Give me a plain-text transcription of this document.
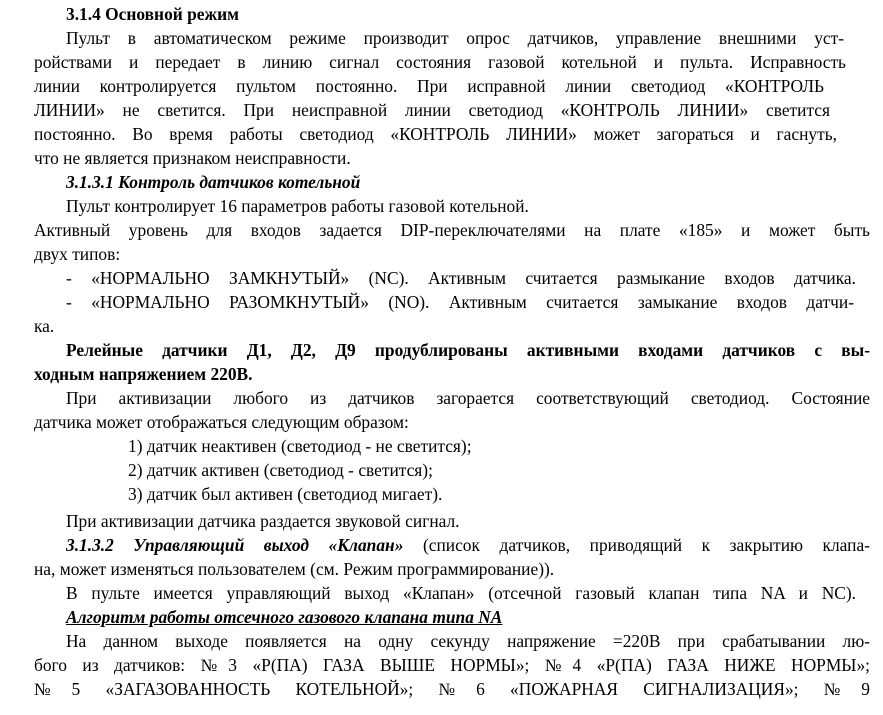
3.1.4 Основной режим
Пульт в автоматическом режиме производит опрос датчиков, управление внешними уст-
ройствами и передает в линию сигнал состояния газовой котельной и пульта. Исправность
линии контролируется пультом постоянно. При исправной линии светодиод «КОНТРОЛЬ
ЛИНИИ» не светится. При неисправной линии светодиод «КОНТРОЛЬ ЛИНИИ» светится
постоянно. Во время работы светодиод «КОНТРОЛЬ ЛИНИИ» может загораться и гаснуть,
что не является признаком неисправности.
3.1.3.1 Контроль датчиков котельной
Пульт контролирует 16 параметров работы газовой котельной.
Активный уровень для входов задается DIP-переключателями на плате «185» и может быть
двух типов:
- «НОРМАЛЬНО ЗАМКНУТЫЙ» (NC). Активным считается размыкание входов датчика.
- «НОРМАЛЬНО РАЗОМКНУТЫЙ» (NO). Активным считается замыкание входов датчи-
ка.
Релейные датчики Д1, Д2, Д9 продублированы активными входами датчиков с вы-
ходным напряжением 220В.
При активизации любого из датчиков загорается соответствующий светодиод. Состояние
датчика может отображаться следующим образом:
1) датчик неактивен (светодиод - не светится);
2) датчик активен (светодиод - светится);
3) датчик был активен (светодиод мигает).
При активизации датчика раздается звуковой сигнал.
3.1.3.2 Управляющий выход «Клапан» (список датчиков, приводящий к закрытию клапа-
на, может изменяться пользователем (см. Режим программирование)).
В пульте имеется управляющий выход «Клапан» (отсечной газовый клапан типа NA и NC).
Алгоритм работы отсечного газового клапана типа NA
На данном выходе появляется на одну секунду напряжение =220В при срабатывании лю-
бого из датчиков: №3 «Р(ПА) ГАЗА ВЫШЕ НОРМЫ»; №4 «Р(ПА) ГАЗА НИЖЕ НОРМЫ»;
№5 «ЗАГАЗОВАННОСТЬ КОТЕЛЬНОЙ»; №6 «ПОЖАРНАЯ СИГНАЛИЗАЦИЯ»; №9
